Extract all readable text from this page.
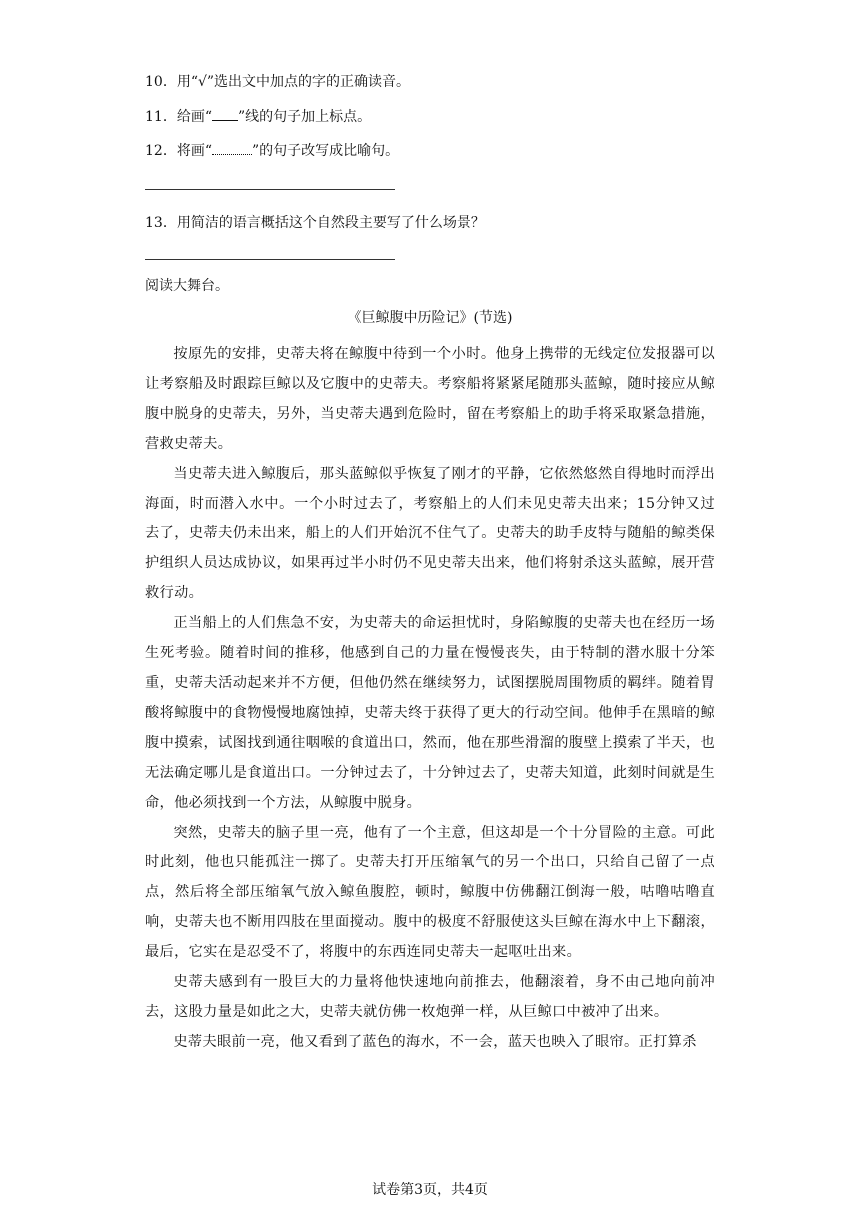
10．用“√”选出文中加点的字的正确读音。
11．给画“ ”线的句子加上标点。
12．将画“	”的句子改写成比喻句。
13．用简洁的语言概括这个自然段主要写了什么场景？
阅读大舞台。
《巨鲸腹中历险记》(节选)

按原先的安排，史蒂夫将在鲸腹中待到一个小时。他身上携带的无线定位发报器可以让考察船及时跟踪巨鲸以及它腹中的史蒂夫。考察船将紧紧尾随那头蓝鲸，随时接应从鲸腹中脱身的史蒂夫，另外，当史蒂夫遇到危险时，留在考察船上的助手将采取紧急措施，营救史蒂夫。

当史蒂夫进入鲸腹后，那头蓝鲸似乎恢复了刚才的平静，它依然悠然自得地时而浮出海面，时而潜入水中。一个小时过去了，考察船上的人们未见史蒂夫出来；15分钟又过去了，史蒂夫仍未出来，船上的人们开始沉不住气了。史蒂夫的助手皮特与随船的鲸类保护组织人员达成协议，如果再过半小时仍不见史蒂夫出来，他们将射杀这头蓝鲸，展开营救行动。

正当船上的人们焦急不安，为史蒂夫的命运担忧时，身陷鲸腹的史蒂夫也在经历一场生死考验。随着时间的推移，他感到自己的力量在慢慢丧失，由于特制的潜水服十分笨重，史蒂夫活动起来并不方便，但他仍然在继续努力，试图摆脱周围物质的羁绊。随着胃酸将鲸腹中的食物慢慢地腐蚀掉，史蒂夫终于获得了更大的行动空间。他伸手在黑暗的鲸腹中摸索，试图找到通往咽喉的食道出口，然而，他在那些滑溜的腹壁上摸索了半天，也无法确定哪儿是食道出口。一分钟过去了，十分钟过去了，史蒂夫知道，此刻时间就是生命，他必须找到一个方法，从鲸腹中脱身。

突然，史蒂夫的脑子里一亮，他有了一个主意，但这却是一个十分冒险的主意。可此时此刻，他也只能孤注一掷了。史蒂夫打开压缩氧气的另一个出口，只给自己留了一点点，然后将全部压缩氧气放入鲸鱼腹腔，顿时，鲸腹中仿佛翻江倒海一般，咕噜咕噜直响，史蒂夫也不断用四肢在里面搅动。腹中的极度不舒服使这头巨鲸在海水中上下翻滚，最后，它实在是忍受不了，将腹中的东西连同史蒂夫一起呕吐出来。

史蒂夫感到有一股巨大的力量将他快速地向前推去，他翻滚着，身不由己地向前冲去，这股力量是如此之大，史蒂夫就仿佛一枚炮弹一样，从巨鲸口中被冲了出来。

史蒂夫眼前一亮，他又看到了蓝色的海水，不一会，蓝天也映入了眼帘。正打算杀

试卷第3页，共4页
